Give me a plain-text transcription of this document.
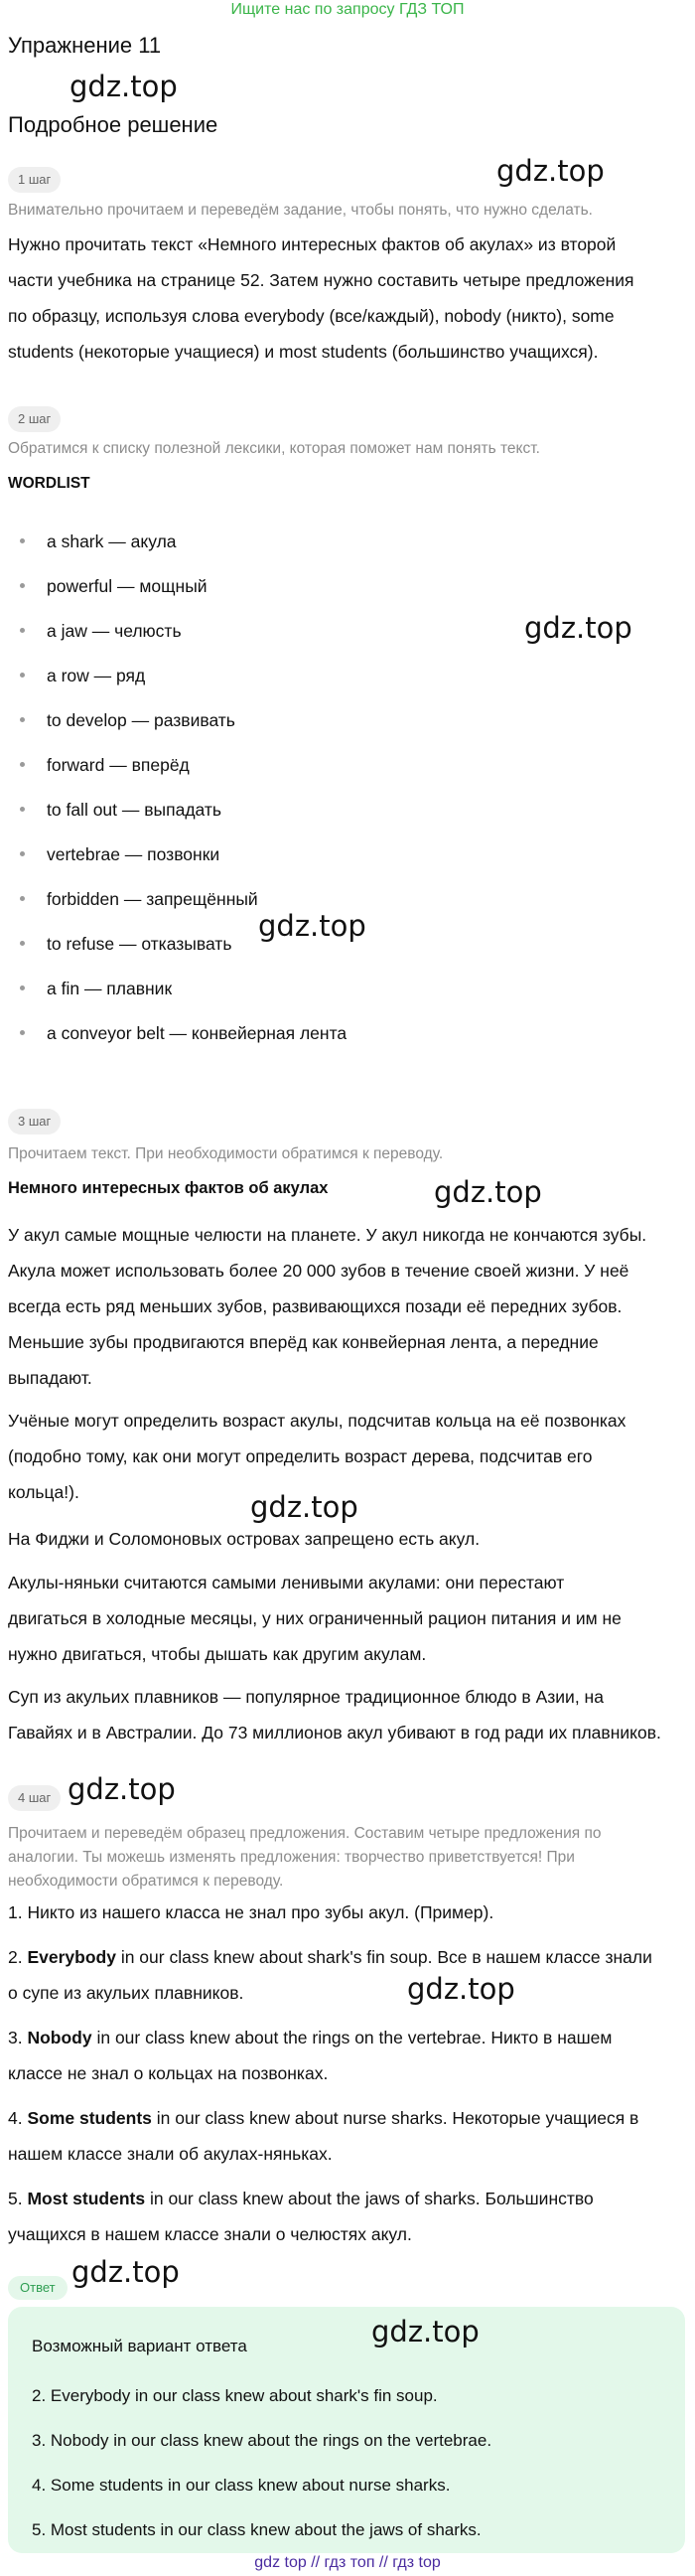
Ищите нас по запросу ГДЗ ТОП
Упражнение 11
gdz.top
Подробное решение
gdz.top
1 шаг
Внимательно прочитаем и переведём задание, чтобы понять, что нужно сделать.
Нужно прочитать текст «Немного интересных фактов об акулах» из второй
части учебника на странице 52. Затем нужно составить четыре предложения
по образцу, используя слова everybody (все/каждый), nobody (никто), some
students (некоторые учащиеся) и most students (большинство учащихся).
2 шаг
Обратимся к списку полезной лексики, которая поможет нам понять текст.
WORDLIST
a shark — акула
powerful — мощный
a jaw — челюсть
a row — ряд
to develop — развивать
forward — вперёд
to fall out — выпадать
vertebrae — позвонки
forbidden — запрещённый
to refuse — отказывать
a fin — плавник
a conveyor belt — конвейерная лента
gdz.top
gdz.top
3 шаг
Прочитаем текст. При необходимости обратимся к переводу.
Немного интересных фактов об акулах	gdz.top
У акул самые мощные челюсти на планете. У акул никогда не кончаются зубы.
Акула может использовать более 20 000 зубов в течение своей жизни. У неё
всегда есть ряд меньших зубов, развивающихся позади её передних зубов.
Меньшие зубы продвигаются вперёд как конвейерная лента, а передние
выпадают.
Учёные могут определить возраст акулы, подсчитав кольца на её позвонках
(подобно тому, как они могут определить возраст дерева, подсчитав его
кольца!).	gdz.top
На Фиджи и Соломоновых островах запрещено есть акул.
Акулы-няньки считаются самыми ленивыми акулами: они перестают
двигаться в холодные месяцы, у них ограниченный рацион питания и им не
нужно двигаться, чтобы дышать как другим акулам.
Суп из акульих плавников — популярное традиционное блюдо в Азии, на
Гавайях и в Австралии. До 73 миллионов акул убивают в год ради их плавников.
4 шаг gdz.top
Прочитаем и переведём образец предложения. Составим четыре предложения по
аналогии. Ты можешь изменять предложения: творчество приветствуется! При
необходимости обратимся к переводу.
1. Никто из нашего класса не знал про зубы акул. (Пример).
2. Everybody in our class knew about shark's fin soup. Все в нашем классе знали
о супе из акульих плавников.	gdz.top
3. Nobody in our class knew about the rings on the vertebrae. Никто в нашем
классе не знал о кольцах на позвонках.
4. Some students in our class knew about nurse sharks. Некоторые учащиеся в
нашем классе знали об акулах-няньках.
5. Most students in our class knew about the jaws of sharks. Большинство
учащихся в нашем классе знали о челюстях акул.
Ответ gdz.top
Возможный вариант ответа	gdz.top
2. Everybody in our class knew about shark's fin soup.
3. Nobody in our class knew about the rings on the vertebrae.
4. Some students in our class knew about nurse sharks.
5. Most students in our class knew about the jaws of sharks.
gdz top // гдз топ // гдз top
